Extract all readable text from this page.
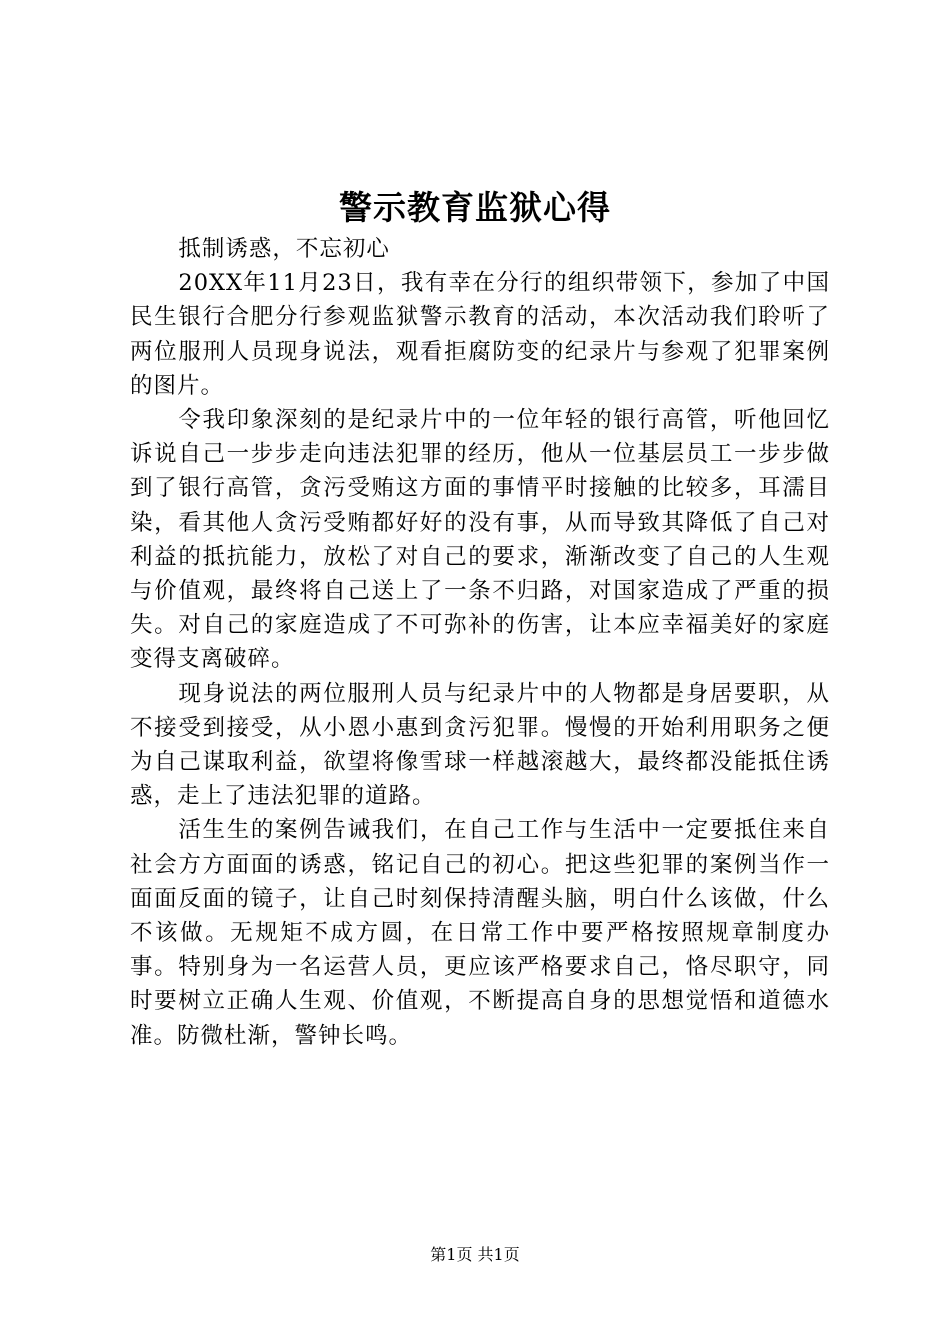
警示教育监狱心得

抵制诱惑，不忘初心

20XX年11月23日，我有幸在分行的组织带领下，参加了中国民生银行合肥分行参观监狱警示教育的活动，本次活动我们聆听了两位服刑人员现身说法，观看拒腐防变的纪录片与参观了犯罪案例的图片。

令我印象深刻的是纪录片中的一位年轻的银行高管，听他回忆诉说自己一步步走向违法犯罪的经历，他从一位基层员工一步步做到了银行高管，贪污受贿这方面的事情平时接触的比较多，耳濡目染，看其他人贪污受贿都好好的没有事，从而导致其降低了自己对利益的抵抗能力，放松了对自己的要求，渐渐改变了自己的人生观与价值观，最终将自己送上了一条不归路，对国家造成了严重的损失。对自己的家庭造成了不可弥补的伤害，让本应幸福美好的家庭变得支离破碎。

现身说法的两位服刑人员与纪录片中的人物都是身居要职，从不接受到接受，从小恩小惠到贪污犯罪。慢慢的开始利用职务之便为自己谋取利益，欲望将像雪球一样越滚越大，最终都没能抵住诱惑，走上了违法犯罪的道路。

活生生的案例告诫我们，在自己工作与生活中一定要抵住来自社会方方面面的诱惑，铭记自己的初心。把这些犯罪的案例当作一面面反面的镜子，让自己时刻保持清醒头脑，明白什么该做，什么不该做。无规矩不成方圆，在日常工作中要严格按照规章制度办事。特别身为一名运营人员，更应该严格要求自己，恪尽职守，同时要树立正确人生观、价值观，不断提高自身的思想觉悟和道德水准。防微杜渐，警钟长鸣。

第1页 共1页
